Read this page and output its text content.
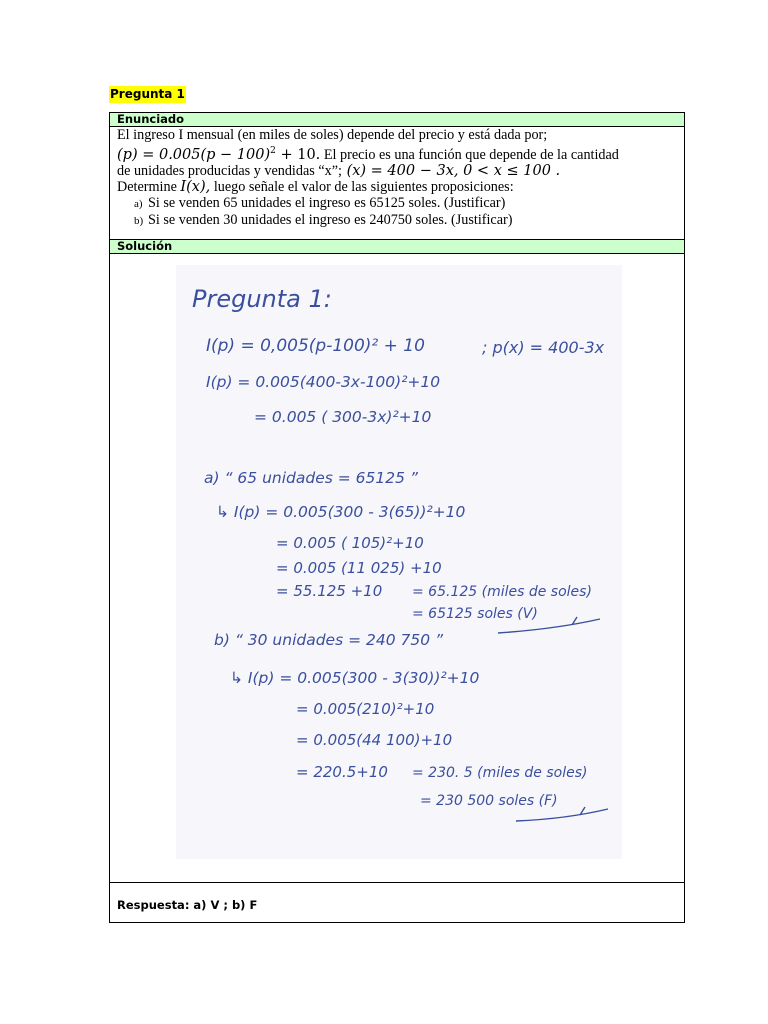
Pregunta 1
Enunciado

El ingreso I mensual (en miles de soles) depende del precio y está dada por;

$(p) = 0.005(p - 100)^2 + 10$. El precio es una función que depende de la cantidad

de unidades producidas y vendidas “x”; (x) = 400 − 3x, 0 < x ≤ 100 .

Determine I(x), luego señale el valor de las siguientes proposiciones:

a) Si se venden 65 unidades el ingreso es 65125 soles. (Justificar)
b) Si se venden 30 unidades el ingreso es 240750 soles. (Justificar)
Solución
Pregunta 1:
I(p) = 0,005(p-100)² + 10	; p(x) = 400-3x
I(p) = 0.005(400-3x-100)²+10
= 0.005 ( 300-3x)²+10
a) “ 65 unidades = 65125 ”
↳ I(p) = 0.005(300 - 3(65))²+10
= 0.005 ( 105)²+10
= 0.005 (11 025) +10
= 55.125 +10 = 65.125 (miles de soles)
= 65125 soles (V)
b) “ 30 unidades = 240 750 ”
↳ I(p) = 0.005(300 - 3(30))²+10
= 0.005(210)²+10
= 0.005(44 100)+10
= 220.5+10 = 230. 5 (miles de soles)
= 230 500 soles (F)
Respuesta: a) V ; b) F
